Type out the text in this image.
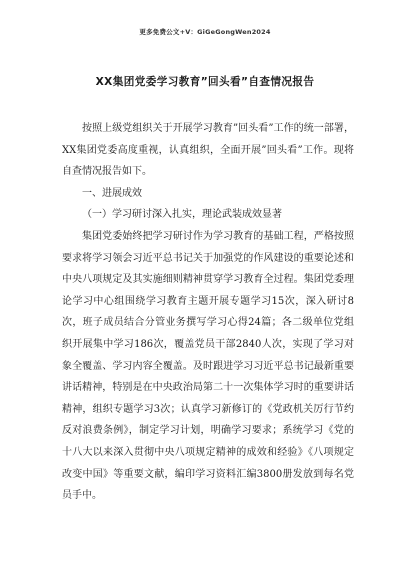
更多免费公文+V：GiGeGongWen2024
XX集团党委学习教育”回头看”自查情况报告

按照上级党组织关于开展学习教育”回头看”工作的统一部署，XX集团党委高度重视，认真组织，全面开展”回头看”工作。现将自查情况报告如下。

一、进展成效

（一）学习研讨深入扎实，理论武装成效显著

集团党委始终把学习研讨作为学习教育的基础工程，严格按照要求将学习领会习近平总书记关于加强党的作风建设的重要论述和中央八项规定及其实施细则精神贯穿学习教育全过程。集团党委理论学习中心组围绕学习教育主题开展专题学习15次，深入研讨8次，班子成员结合分管业务撰写学习心得24篇；各二级单位党组织开展集中学习186次，覆盖党员干部2840人次，实现了学习对象全覆盖、学习内容全覆盖。及时跟进学习习近平总书记最新重要讲话精神，特别是在中央政治局第二十一次集体学习时的重要讲话精神，组织专题学习3次；认真学习新修订的《党政机关厉行节约反对浪费条例》，制定学习计划，明确学习要求；系统学习《党的十八大以来深入贯彻中央八项规定精神的成效和经验》《八项规定改变中国》等重要文献，编印学习资料汇编3800册发放到每名党员手中。
